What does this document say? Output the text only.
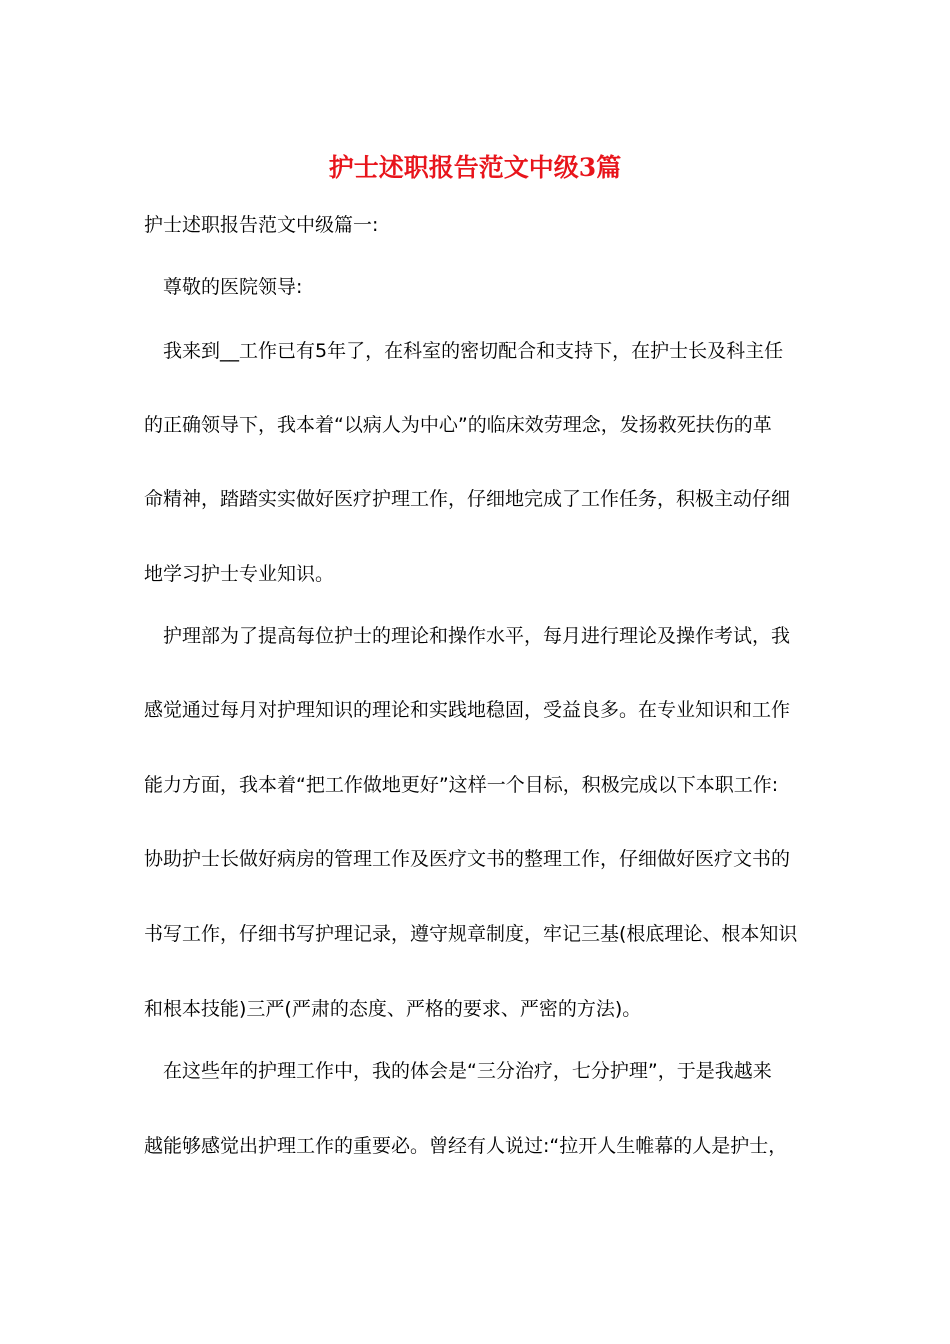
护士述职报告范文中级3篇

护士述职报告范文中级篇一:

尊敬的医院领导:

我来到__工作已有5年了，在科室的密切配合和支持下，在护士长及科主任

的正确领导下，我本着“以病人为中心”的临床效劳理念，发扬救死扶伤的革

命精神，踏踏实实做好医疗护理工作，仔细地完成了工作任务，积极主动仔细

地学习护士专业知识。

护理部为了提高每位护士的理论和操作水平，每月进行理论及操作考试，我

感觉通过每月对护理知识的理论和实践地稳固，受益良多。在专业知识和工作

能力方面，我本着“把工作做地更好”这样一个目标，积极完成以下本职工作:

协助护士长做好病房的管理工作及医疗文书的整理工作，仔细做好医疗文书的

书写工作，仔细书写护理记录，遵守规章制度，牢记三基(根底理论、根本知识

和根本技能)三严(严肃的态度、严格的要求、严密的方法)。

在这些年的护理工作中，我的体会是“三分治疗，七分护理”，于是我越来

越能够感觉出护理工作的重要必。曾经有人说过:“拉开人生帷幕的人是护士，
